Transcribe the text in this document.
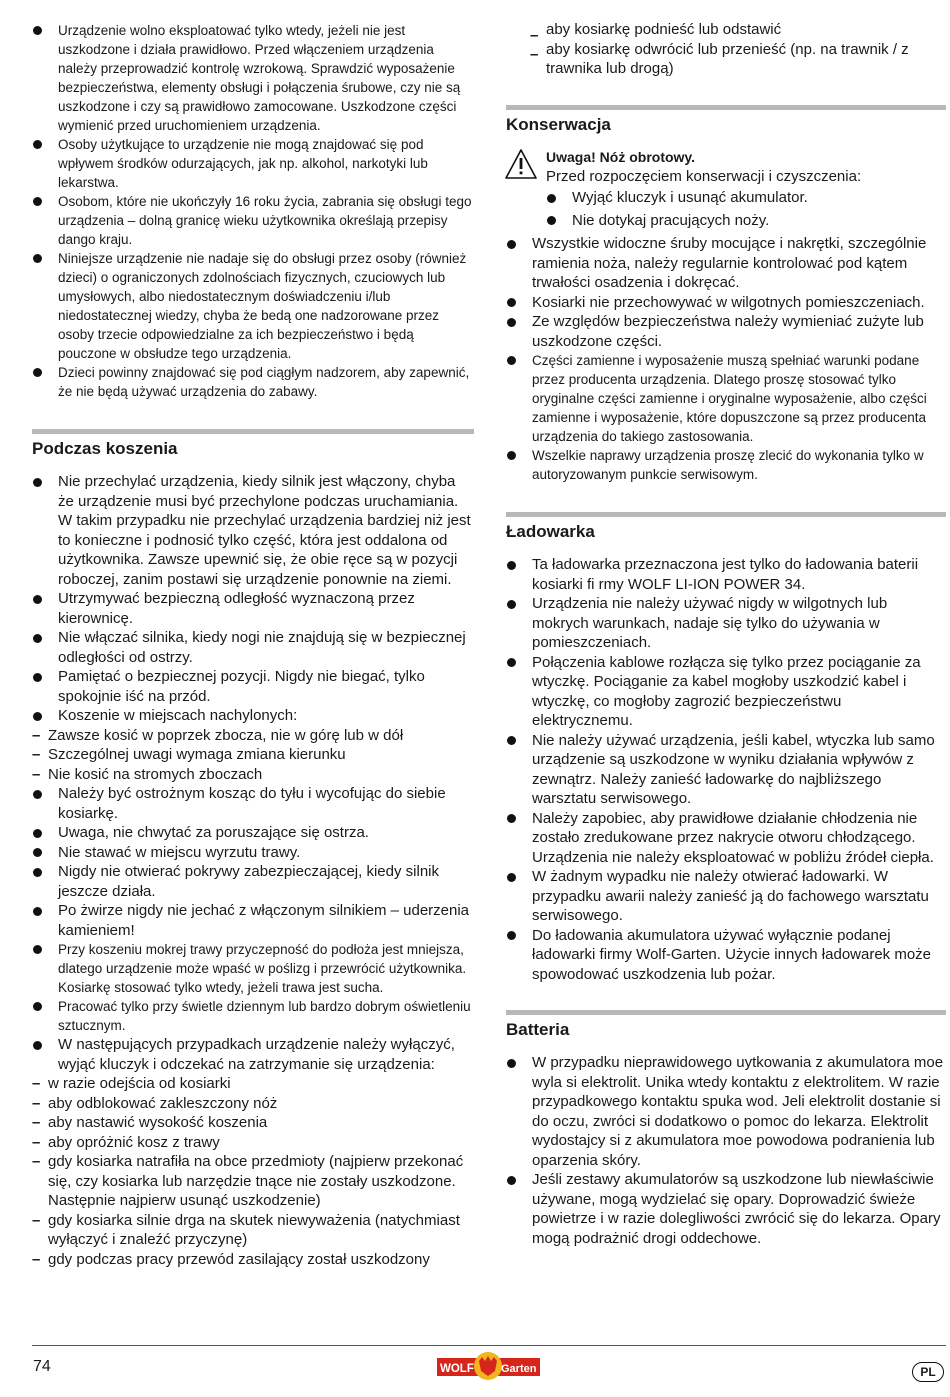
Urządzenie wolno eksploatować tylko wtedy, jeżeli nie jest uszkodzone i działa prawidłowo. Przed włączeniem urządzenia należy przeprowadzić kontrolę wzrokową. Sprawdzić wyposażenie bezpieczeństwa, elementy obsługi i połączenia śrubowe, czy nie są uszkodzone i czy są prawidłowo zamocowane. Uszkodzone części wymienić przed uruchomieniem urządzenia.
Osoby użytkujące to urządzenie nie mogą znajdować się pod wpływem środków odurzających, jak np. alkohol, narkotyki lub lekarstwa.
Osobom, które nie ukończyły 16 roku życia, zabrania się obsługi tego urządzenia – dolną granicę wieku użytkownika określają przepisy dango kraju.
Niniejsze urządzenie nie nadaje się do obsługi przez osoby (również dzieci) o ograniczonych zdolnościach fizycznych, czuciowych lub umysłowych, albo niedostatecznym doświadczeniu i/lub niedostatecznej wiedzy, chyba że bedą one nadzorowane przez osoby trzecie odpowiedzialne za ich bezpieczeństwo i będą pouczone w obsłudze tego urządzenia.
Dzieci powinny znajdować się pod ciągłym nadzorem, aby zapewnić, że nie będą używać urządzenia do zabawy.
Podczas koszenia
Nie przechylać urządzenia, kiedy silnik jest włączony, chyba że urządzenie musi być przechylone podczas uruchamiania. W takim przypadku nie przechylać urządzenia bardziej niż jest to konieczne i podnosić tylko część, która jest oddalona od użytkownika. Zawsze upewnić się, że obie ręce są w pozycji roboczej, zanim postawi się urządzenie ponownie na ziemi.
Utrzymywać bezpieczną odległość wyznaczoną przez kierownicę.
Nie włączać silnika, kiedy nogi nie znajdują się w bezpiecznej odległości od ostrzy.
Pamiętać o bezpiecznej pozycji. Nigdy nie biegać, tylko spokojnie iść na przód.
Koszenie w miejscach nachylonych:
– Zawsze kosić w poprzek zbocza, nie w górę lub w dół
– Szczególnej uwagi wymaga zmiana kierunku
– Nie kosić na stromych zboczach
Należy być ostrożnym kosząc do tyłu i wycofując do siebie kosiarkę.
Uwaga, nie chwytać za poruszające się ostrza.
Nie stawać w miejscu wyrzutu trawy.
Nigdy nie otwierać pokrywy zabezpieczającej, kiedy silnik jeszcze działa.
Po żwirze nigdy nie jechać z włączonym silnikiem – uderzenia kamieniem!
Przy koszeniu mokrej trawy przyczepność do podłoża jest mniejsza, dlatego urządzenie może wpaść w poślizg i przewrócić użytkownika. Kosiarkę stosować tylko wtedy, jeżeli trawa jest sucha.
Pracować tylko przy świetle dziennym lub bardzo dobrym oświetleniu sztucznym.
W następujących przypadkach urządzenie należy wyłączyć, wyjąć kluczyk i odczekać na zatrzymanie się urządzenia:
– w razie odejścia od kosiarki
– aby odblokować zakleszczony nóż
– aby nastawić wysokość koszenia
– aby opróżnić kosz z trawy
– gdy kosiarka natrafiła na obce przedmioty (najpierw przekonać się, czy kosiarka lub narzędzie tnące nie zostały uszkodzone. Następnie najpierw usunąć uszkodzenie)
– gdy kosiarka silnie drga na skutek niewyważenia (natychmiast wyłączyć i znaleźć przyczynę)
– gdy podczas pracy przewód zasilający został uszkodzony
– aby kosiarkę podnieść lub odstawić
– aby kosiarkę odwrócić lub przenieść (np. na trawnik / z trawnika lub drogą)
Konserwacja
Uwaga! Nóż obrotowy.
Przed rozpoczęciem konserwacji i czyszczenia:
Wyjąć kluczyk i usunąć akumulator.
Nie dotykaj pracujących noży.
Wszystkie widoczne śruby mocujące i nakrętki, szczególnie ramienia noża, należy regularnie kontrolować pod kątem trwałości osadzenia i dokręcać.
Kosiarki nie przechowywać w wilgotnych pomieszczeniach.
Ze względów bezpieczeństwa należy wymieniać zużyte lub uszkodzone części.
Części zamienne i wyposażenie muszą spełniać warunki podane przez producenta urządzenia. Dlatego proszę stosować tylko oryginalne części zamienne i oryginalne wyposażenie, albo części zamienne i wyposażenie, które dopuszczone są przez producenta urządzenia do takiego zastosowania.
Wszelkie naprawy urządzenia proszę zlecić do wykonania tylko w autoryzowanym punkcie serwisowym.
Ładowarka
Ta ładowarka przeznaczona jest tylko do ładowania baterii kosiarki fi rmy WOLF LI-ION POWER 34.
Urządzenia nie należy używać nigdy w wilgotnych lub mokrych warunkach, nadaje się tylko do używania w pomieszczeniach.
Połączenia kablowe rozłącza się tylko przez pociąganie za wtyczkę. Pociąganie za kabel mogłoby uszkodzić kabel i wtyczkę, co mogłoby zagrozić bezpieczeństwu elektrycznemu.
Nie należy używać urządzenia, jeśli kabel, wtyczka lub samo urządzenie są uszkodzone w wyniku działania wpływów z zewnątrz. Należy zanieść ładowarkę do najbliższego warsztatu serwisowego.
Należy zapobiec, aby prawidłowe działanie chłodzenia nie zostało zredukowane przez nakrycie otworu chłodzącego. Urządzenia nie należy eksploatować w pobliżu źródeł ciepła.
W żadnym wypadku nie należy otwierać ładowarki. W przypadku awarii należy zanieść ją do fachowego warsztatu serwisowego.
Do ładowania akumulatora używać wyłącznie podanej ładowarki firmy Wolf-Garten. Użycie innych ładowarek może spowodować uszkodzenia lub pożar.
Batteria
W przypadku nieprawidowego uytkowania z akumulatora moe wyla si elektrolit. Unika wtedy kontaktu z elektrolitem. W razie przypadkowego kontaktu spuka wod. Jeli elektrolit dostanie si do oczu, zwróci si dodatkowo o pomoc do lekarza. Elektrolit wydostajcy si z akumulatora moe powodowa podranienia lub oparzenia skóry.
Jeśli zestawy akumulatorów są uszkodzone lub niewłaściwie używane, mogą wydzielać się opary. Doprowadzić świeże powietrze i w razie dolegliwości zwrócić się do lekarza. Opary mogą podrażnić drogi oddechowe.
74	WOLF Garten	PL
